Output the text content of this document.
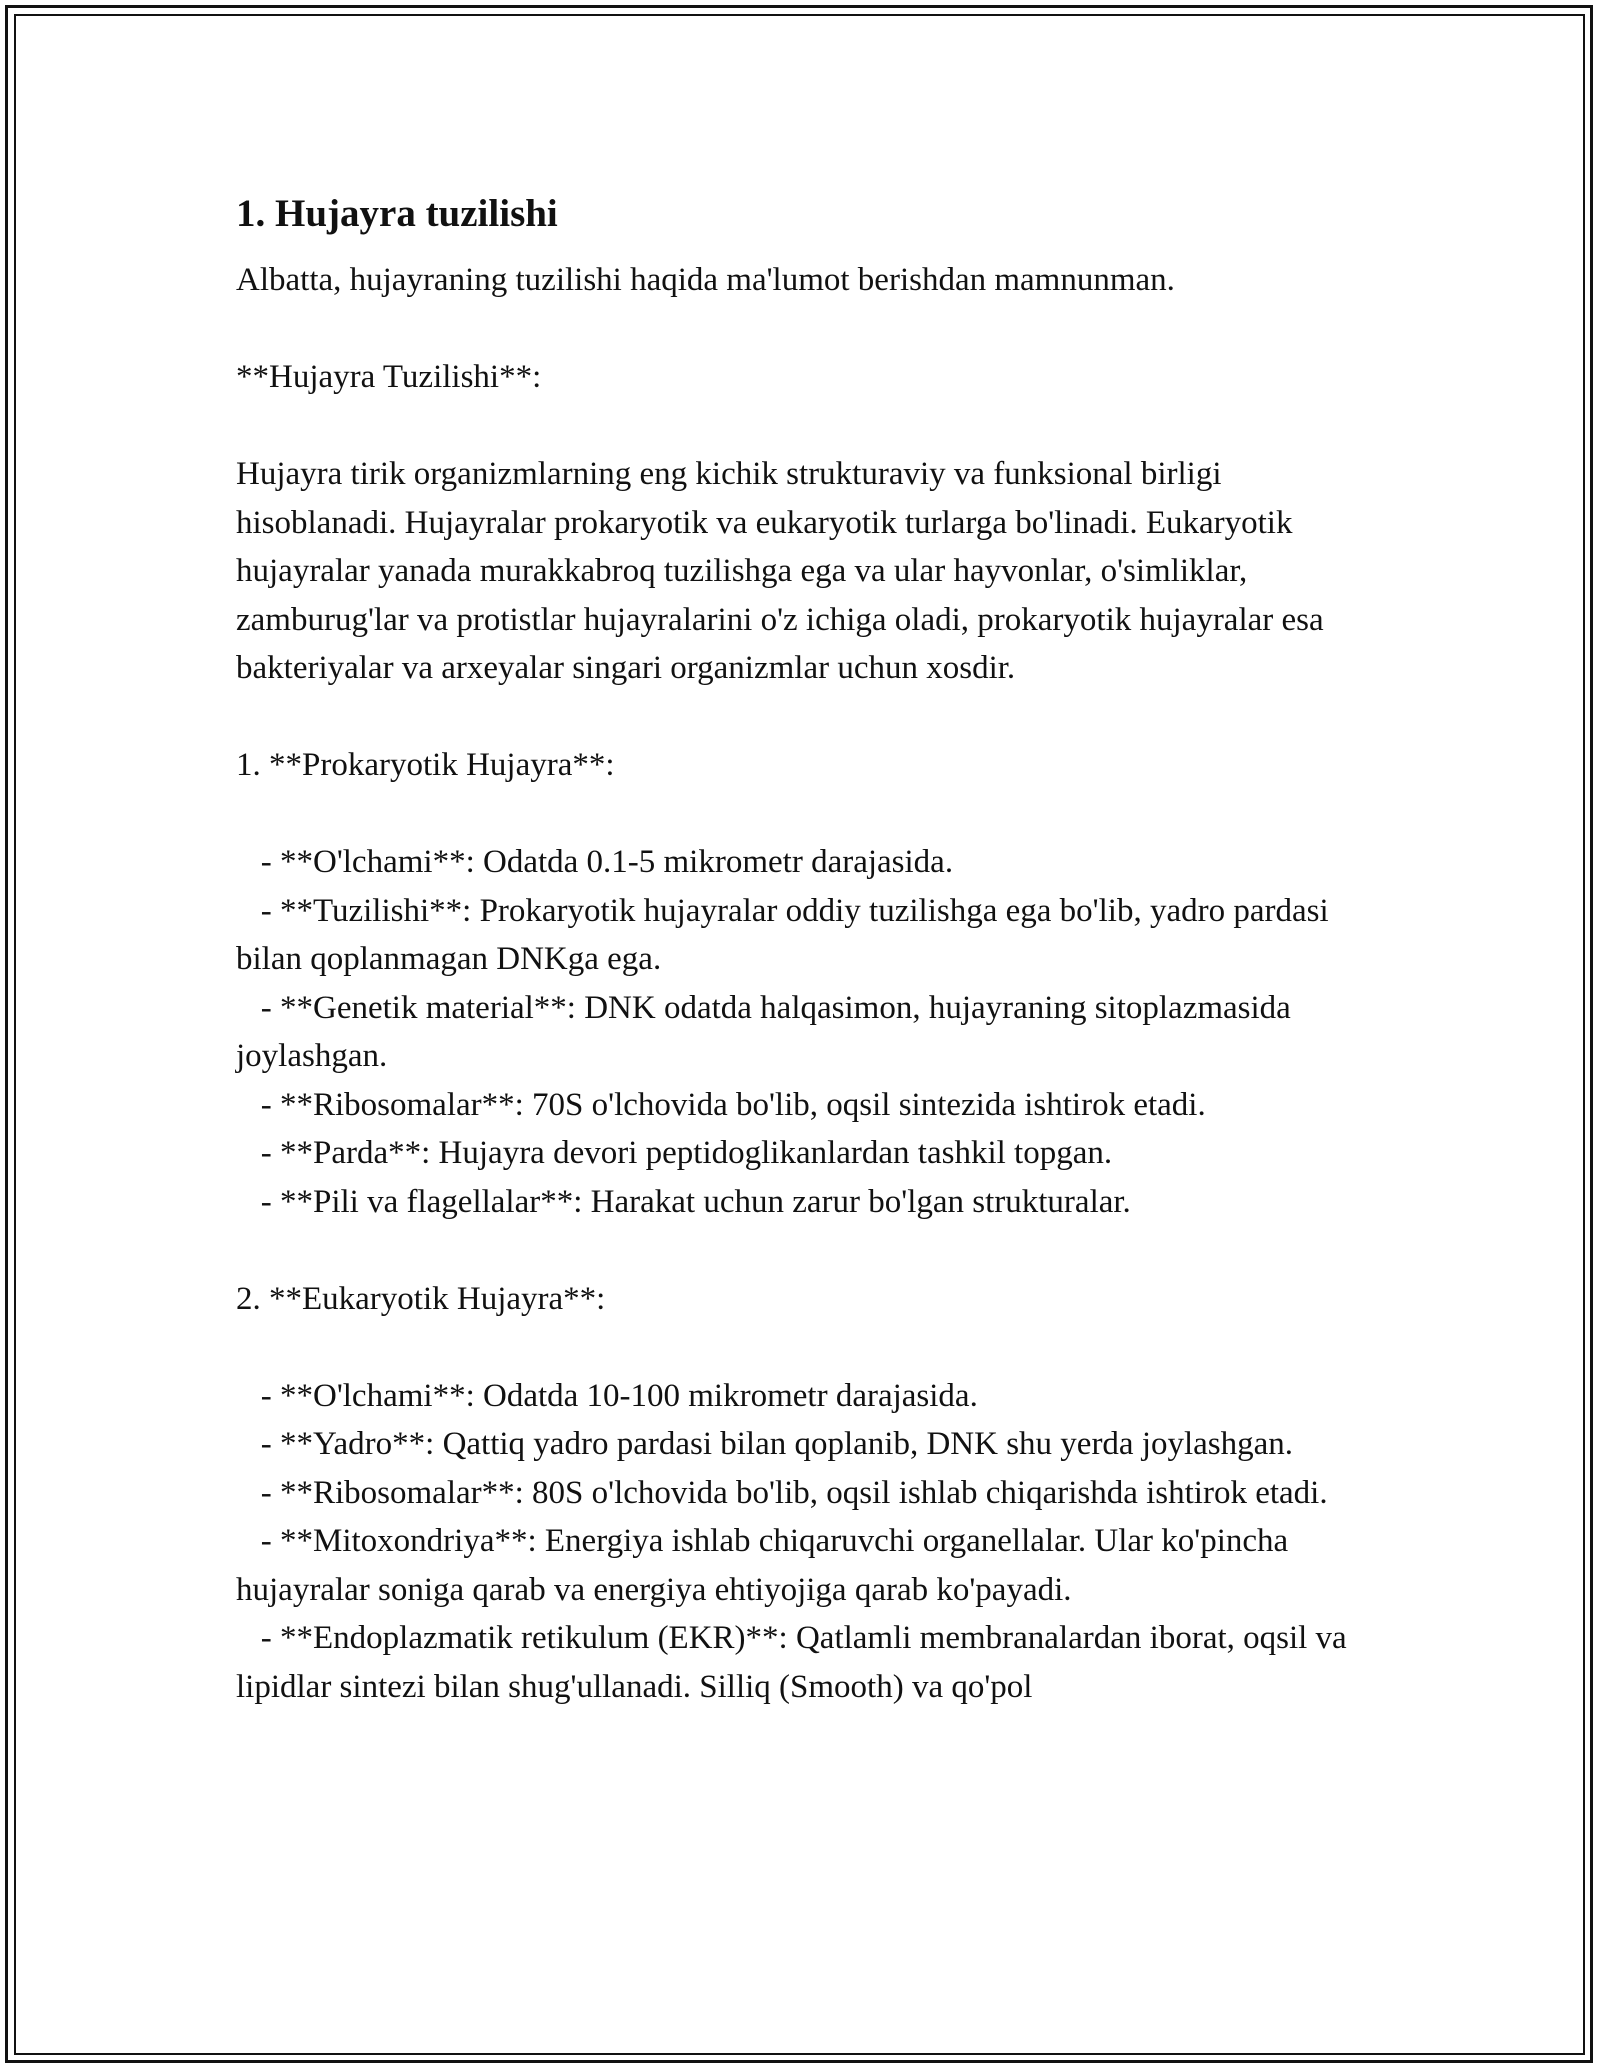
1. Hujayra tuzilishi

Albatta, hujayraning tuzilishi haqida ma'lumot berishdan mamnunman.

**Hujayra Tuzilishi**:

Hujayra tirik organizmlarning eng kichik strukturaviy va funksional birligi hisoblanadi. Hujayralar prokaryotik va eukaryotik turlarga bo'linadi. Eukaryotik hujayralar yanada murakkabroq tuzilishga ega va ular hayvonlar, o'simliklar, zamburug'lar va protistlar hujayralarini o'z ichiga oladi, prokaryotik hujayralar esa bakteriyalar va arxeyalar singari organizmlar uchun xosdir.

1. **Prokaryotik Hujayra**:

- **O'lchami**: Odatda 0.1-5 mikrometr darajasida.
- **Tuzilishi**: Prokaryotik hujayralar oddiy tuzilishga ega bo'lib, yadro pardasi bilan qoplanmagan DNKga ega.
- **Genetik material**: DNK odatda halqasimon, hujayraning sitoplazmasida joylashgan.
- **Ribosomalar**: 70S o'lchovida bo'lib, oqsil sintezida ishtirok etadi.
- **Parda**: Hujayra devori peptidoglikanlardan tashkil topgan.
- **Pili va flagellalar**: Harakat uchun zarur bo'lgan strukturalar.

2. **Eukaryotik Hujayra**:

- **O'lchami**: Odatda 10-100 mikrometr darajasida.
- **Yadro**: Qattiq yadro pardasi bilan qoplanib, DNK shu yerda joylashgan.
- **Ribosomalar**: 80S o'lchovida bo'lib, oqsil ishlab chiqarishda ishtirok etadi.
- **Mitoxondriya**: Energiya ishlab chiqaruvchi organellalar. Ular ko'pincha hujayralar soniga qarab va energiya ehtiyojiga qarab ko'payadi.
- **Endoplazmatik retikulum (EKR)**: Qatlamli membranalardan iborat, oqsil va lipidlar sintezi bilan shug'ullanadi. Silliq (Smooth) va qo'pol
